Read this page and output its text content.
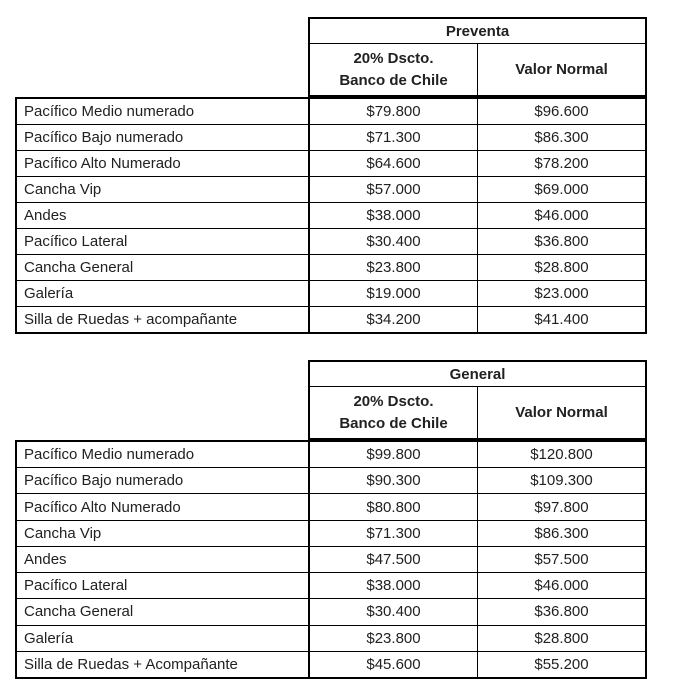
Preventa
20% Dscto.
Banco de Chile
Valor Normal
Pacífico Medio numerado	$79.800	$96.600
Pacífico Bajo numerado	$71.300	$86.300
Pacífico Alto Numerado	$64.600	$78.200
Cancha Vip	$57.000	$69.000
Andes	$38.000	$46.000
Pacífico Lateral	$30.400	$36.800
Cancha General	$23.800	$28.800
Galería	$19.000	$23.000
Silla de Ruedas + acompañante	$34.200	$41.400
General
20% Dscto.
Banco de Chile
Valor Normal
Pacífico Medio numerado	$99.800	$120.800
Pacífico Bajo numerado	$90.300	$109.300
Pacífico Alto Numerado	$80.800	$97.800
Cancha Vip	$71.300	$86.300
Andes	$47.500	$57.500
Pacífico Lateral	$38.000	$46.000
Cancha General	$30.400	$36.800
Galería	$23.800	$28.800
Silla de Ruedas + Acompañante	$45.600	$55.200
